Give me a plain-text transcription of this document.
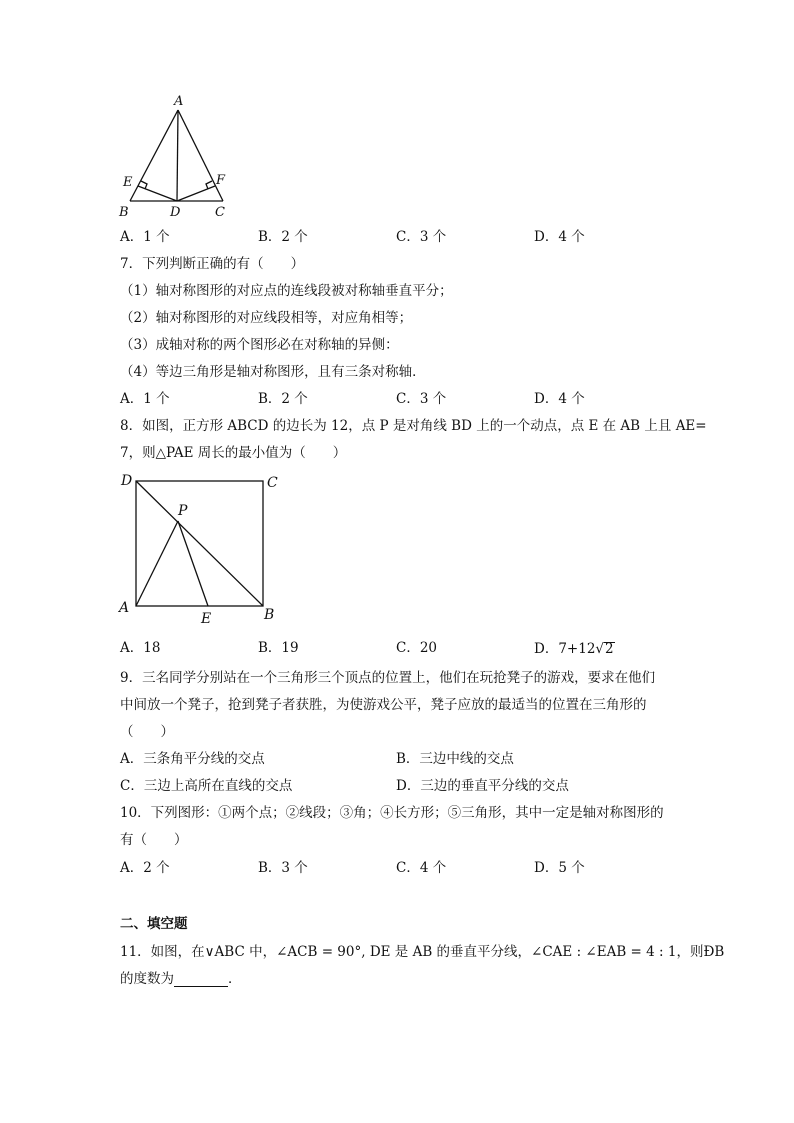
A
B	C
D
E	F
A．1 个	B．2 个	C．3 个	D．4 个
7．下列判断正确的有（　　）
（1）轴对称图形的对应点的连线段被对称轴垂直平分；
（2）轴对称图形的对应线段相等，对应角相等；
（3）成轴对称的两个图形必在对称轴的异侧：
（4）等边三角形是轴对称图形，且有三条对称轴．
A．1 个	B．2 个	C．3 个	D．4 个
8．如图，正方形 ABCD 的边长为 12，点 P 是对角线 BD 上的一个动点，点 E 在 AB 上且 AE=
7，则△PAE 周长的最小值为（　　）
D	C
P
A	B
E
A．18	B．19	C．20	D．7+12√2
9．三名同学分别站在一个三角形三个顶点的位置上，他们在玩抢凳子的游戏，要求在他们
中间放一个凳子，抢到凳子者获胜，为使游戏公平，凳子应放的最适当的位置在三角形的
（　　）
A．三条角平分线的交点	B．三边中线的交点
C．三边上高所在直线的交点	D．三边的垂直平分线的交点
10．下列图形：①两个点；②线段；③角；④长方形；⑤三角形，其中一定是轴对称图形的
有（　　）
A．2 个	B．3 个	C．4 个	D．5 个
二、填空题
11．如图，在∨ABC 中，∠ACB = 90°, DE 是 AB 的垂直平分线，∠CAE : ∠EAB = 4 : 1，则ÐB
的度数为	．
